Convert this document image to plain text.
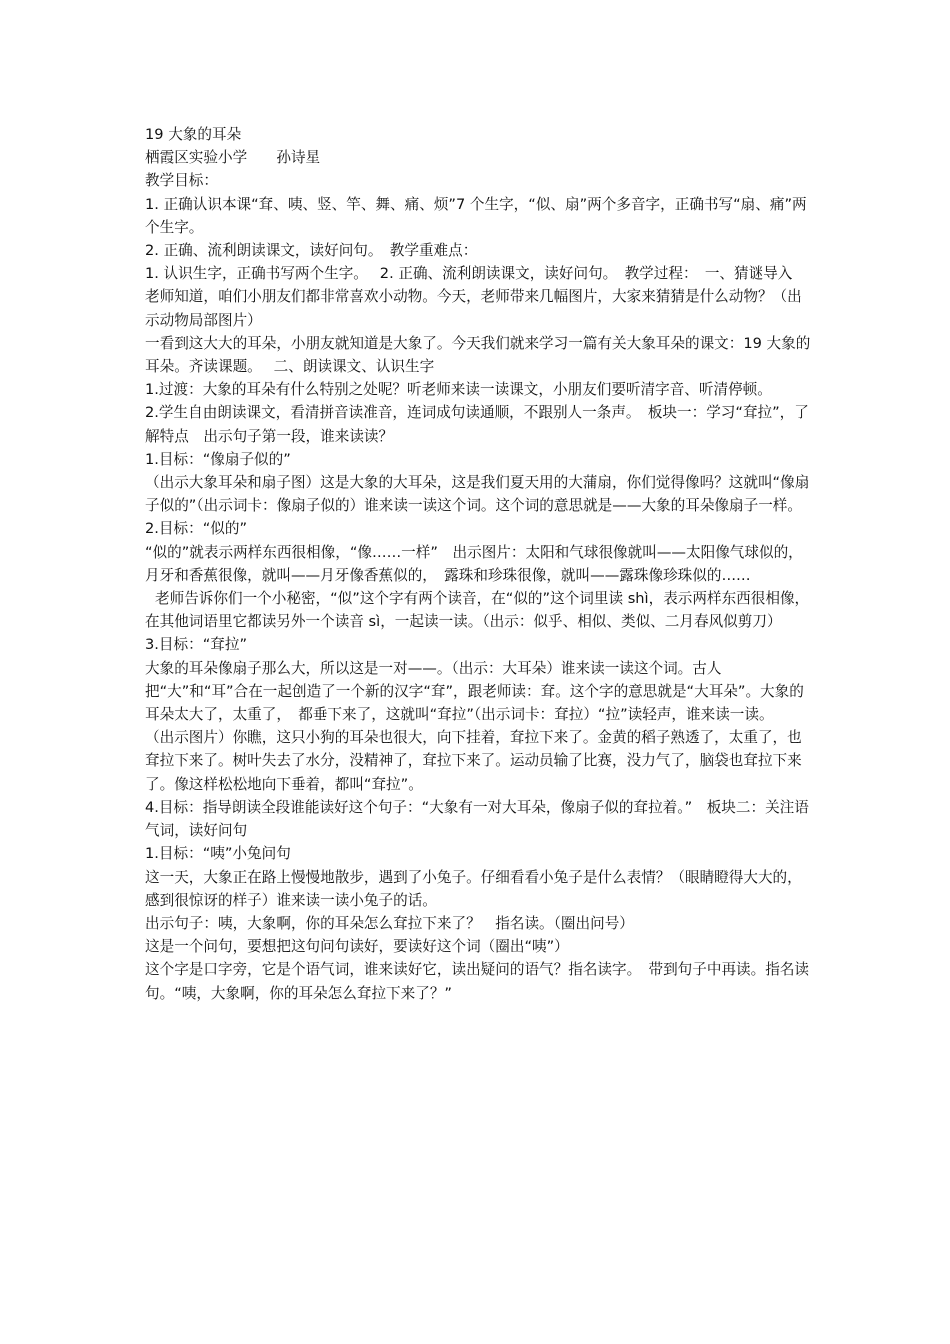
19 大象的耳朵

栖霞区实验小学　　孙诗星

教学目标：

1. 正确认识本课“耷、咦、竖、竿、舞、痛、烦”7 个生字，“似、扇”两个多音字，正确书写“扇、痛”两个生字。

2. 正确、流利朗读课文，读好问句。　教学重难点：

1. 认识生字，正确书写两个生字。　 2. 正确、流利朗读课文，读好问句。　教学过程：　一、猜谜导入

老师知道，咱们小朋友们都非常喜欢小动物。今天，老师带来几幅图片，大家来猜猜是什么动物？（出示动物局部图片）

一看到这大大的耳朵，小朋友就知道是大象了。今天我们就来学习一篇有关大象耳朵的课文：19 大象的耳朵。齐读课题。　 二、朗读课文、认识生字

1.过渡：大象的耳朵有什么特别之处呢？听老师来读一读课文，小朋友们要听清字音、听清停顿。

2.学生自由朗读课文，看清拼音读准音，连词成句读通顺，不跟别人一条声。　板块一：学习“耷拉”，了解特点　出示句子第一段，谁来读读？

1.目标：“像扇子似的”

（出示大象耳朵和扇子图）这是大象的大耳朵，这是我们夏天用的大蒲扇，你们觉得像吗？这就叫“像扇子似的”（出示词卡：像扇子似的）谁来读一读这个词。这个词的意思就是——大象的耳朵像扇子一样。

2.目标：“似的”

“似的”就表示两样东西很相像，“像……一样”　出示图片：太阳和气球很像就叫——太阳像气球似的，　月牙和香蕉很像，就叫——月牙像香蕉似的，　露珠和珍珠很像，就叫——露珠像珍珠似的……

老师告诉你们一个小秘密，“似”这个字有两个读音，在“似的”这个词里读 shì，表示两样东西很相像，在其他词语里它都读另外一个读音 sì，一起读一读。（出示：似乎、相似、类似、二月春风似剪刀）

3.目标：“耷拉”

大象的耳朵像扇子那么大，所以这是一对——。（出示：大耳朵）谁来读一读这个词。古人把“大”和“耳”合在一起创造了一个新的汉字“耷”，跟老师读：耷。这个字的意思就是“大耳朵”。大象的耳朵太大了，太重了，　都垂下来了，这就叫“耷拉”（出示词卡：耷拉）“拉”读轻声，谁来读一读。

（出示图片）你瞧，这只小狗的耳朵也很大，向下挂着，耷拉下来了。金黄的稻子熟透了，太重了，也耷拉下来了。树叶失去了水分，没精神了，耷拉下来了。运动员输了比赛，没力气了，脑袋也耷拉下来了。像这样松松地向下垂着，都叫“耷拉”。

4.目标：指导朗读全段谁能读好这个句子：“大象有一对大耳朵，像扇子似的耷拉着。”　板块二：关注语气词，读好问句

1.目标：“咦”小兔问句

这一天，大象正在路上慢慢地散步，遇到了小兔子。仔细看看小兔子是什么表情？（眼睛瞪得大大的，感到很惊讶的样子）谁来读一读小兔子的话。

出示句子：咦，大象啊，你的耳朵怎么耷拉下来了？　指名读。（圈出问号）

这是一个问句，要想把这句问句读好，要读好这个词（圈出“咦”）

这个字是口字旁，它是个语气词，谁来读好它，读出疑问的语气？指名读字。　带到句子中再读。指名读句。“咦，大象啊，你的耳朵怎么耷拉下来了？”
